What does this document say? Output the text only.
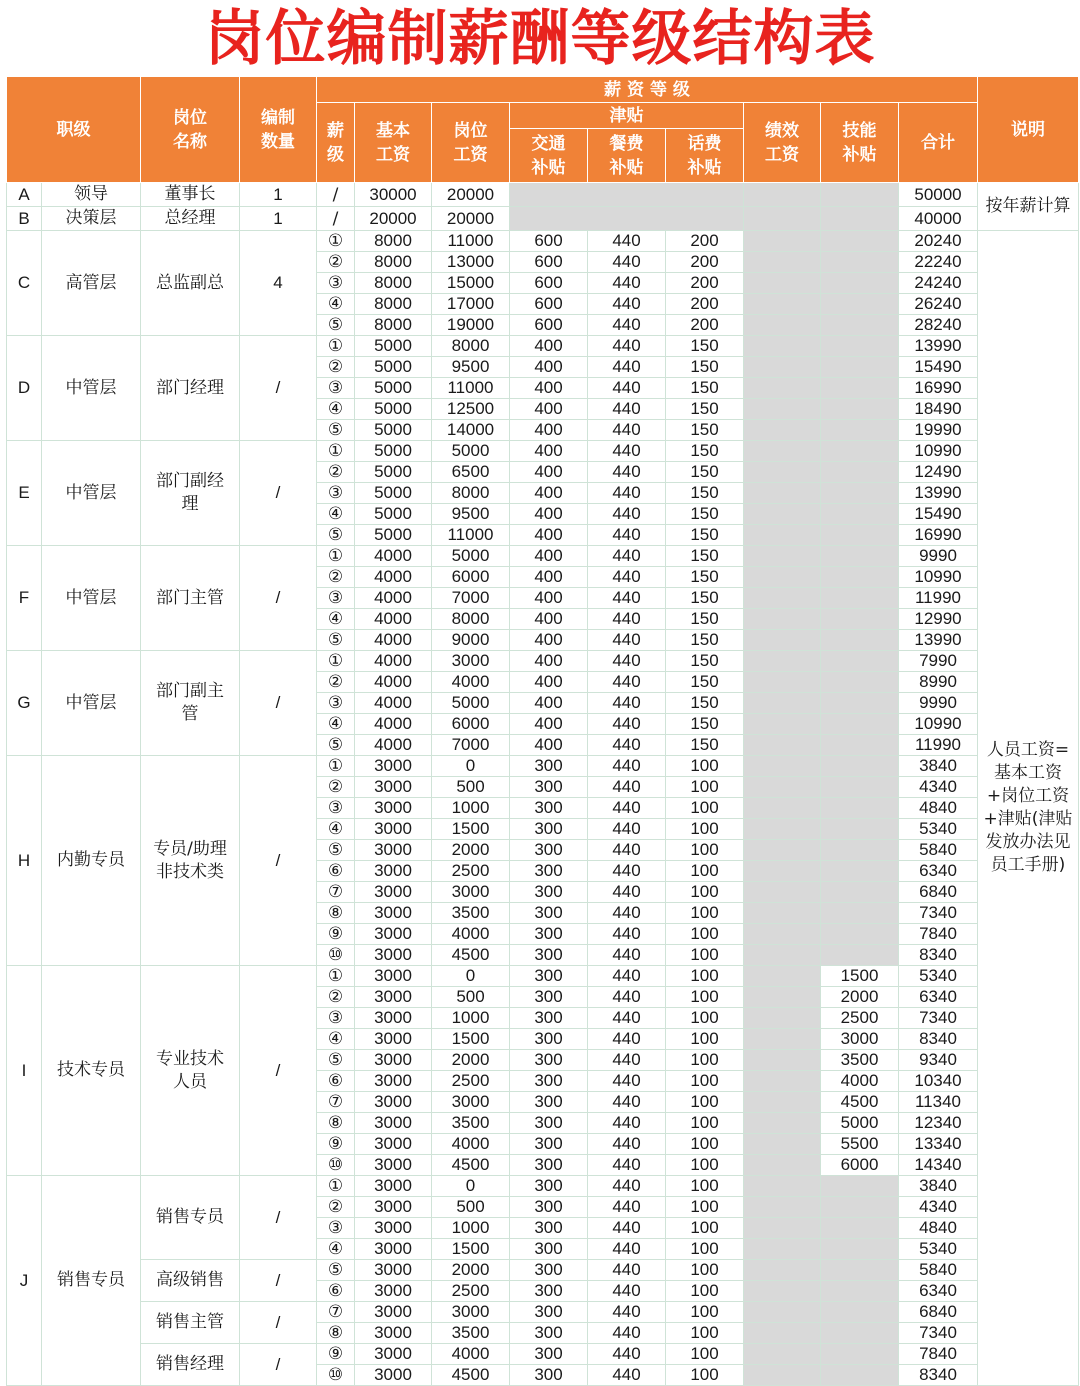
岗位编制薪酬等级结构表
职级		岗位名称	编制数量	薪 资 等 级									说明
				薪级	基本工资	岗位工资	津贴			绩效工资	技能补贴	合计	
							交通补贴	餐费补贴	话费补贴				

A	领导	董事长	1	/	30000	20000						50000	按年薪计算
B	决策层	总经理	1	/	20000	20000						40000	
C	高管层	总监副总	4	①	8000	11000	600	440	200			20240	人员工资=基本工资+岗位工资+津贴(津贴发放办法见员工手册)
				②	8000	13000	600	440	200			22240	
				③	8000	15000	600	440	200			24240	
				④	8000	17000	600	440	200			26240	
				⑤	8000	19000	600	440	200			28240	
D	中管层	部门经理	/	①	5000	8000	400	440	150			13990	
				②	5000	9500	400	440	150			15490	
				③	5000	11000	400	440	150			16990	
				④	5000	12500	400	440	150			18490	
				⑤	5000	14000	400	440	150			19990	
E	中管层	部门副经理	/	①	5000	5000	400	440	150			10990	
				②	5000	6500	400	440	150			12490	
				③	5000	8000	400	440	150			13990	
				④	5000	9500	400	440	150			15490	
				⑤	5000	11000	400	440	150			16990	
F	中管层	部门主管	/	①	4000	5000	400	440	150			9990	
				②	4000	6000	400	440	150			10990	
				③	4000	7000	400	440	150			11990	
				④	4000	8000	400	440	150			12990	
				⑤	4000	9000	400	440	150			13990	
G	中管层	部门副主管	/	①	4000	3000	400	440	150			7990	
				②	4000	4000	400	440	150			8990	
				③	4000	5000	400	440	150			9990	
				④	4000	6000	400	440	150			10990	
				⑤	4000	7000	400	440	150			11990	
H	内勤专员	专员/助理非技术类	/	①	3000	0	300	440	100			3840	
				②	3000	500	300	440	100			4340	
				③	3000	1000	300	440	100			4840	
				④	3000	1500	300	440	100			5340	
				⑤	3000	2000	300	440	100			5840	
				⑥	3000	2500	300	440	100			6340	
				⑦	3000	3000	300	440	100			6840	
				⑧	3000	3500	300	440	100			7340	
				⑨	3000	4000	300	440	100			7840	
				⑩	3000	4500	300	440	100			8340	
I	技术专员	专业技术人员	/	①	3000	0	300	440	100		1500	5340	
				②	3000	500	300	440	100		2000	6340	
				③	3000	1000	300	440	100		2500	7340	
				④	3000	1500	300	440	100		3000	8340	
				⑤	3000	2000	300	440	100		3500	9340	
				⑥	3000	2500	300	440	100		4000	10340	
				⑦	3000	3000	300	440	100		4500	11340	
				⑧	3000	3500	300	440	100		5000	12340	
				⑨	3000	4000	300	440	100		5500	13340	
				⑩	3000	4500	300	440	100		6000	14340	
J	销售专员	销售专员	/	①	3000	0	300	440	100			3840	
				②	3000	500	300	440	100			4340	
				③	3000	1000	300	440	100			4840	
				④	3000	1500	300	440	100			5340	
		高级销售	/	⑤	3000	2000	300	440	100			5840	
				⑥	3000	2500	300	440	100			6340	
		销售主管	/	⑦	3000	3000	300	440	100			6840	
				⑧	3000	3500	300	440	100			7340	
		销售经理	/	⑨	3000	4000	300	440	100			7840	
				⑩	3000	4500	300	440	100			8340	
